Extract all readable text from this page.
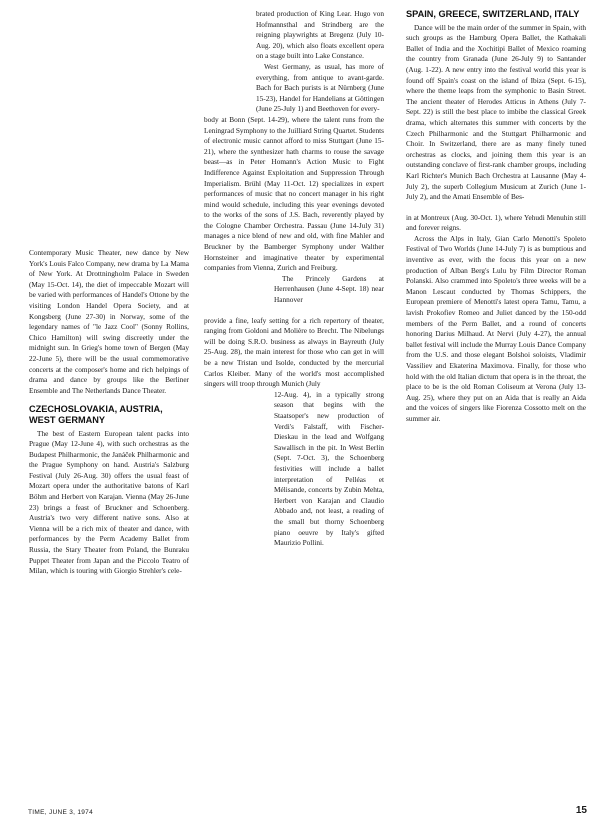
Contemporary Music Theater, new dance by New York's Louis Falco Company, new drama by La Mama of New York. At Drottningholm Palace in Sweden (May 15-Oct. 14), the diet of impeccable Mozart will be varied with performances of Handel's Ottone by the visiting London Handel Opera Society, and at Kongsberg (June 27-30) in Norway, some of the legendary names of "le Jazz Cool" (Sonny Rollins, Chico Hamilton) will swing discreetly under the midnight sun. In Grieg's home town of Bergen (May 22-June 5), there will be the usual commemorative concerts at the composer's home and rich helpings of drama and dance by groups like the Berliner Ensemble and The Netherlands Dance Theater.

CZECHOSLOVAKIA, AUSTRIA, WEST GERMANY

The best of Eastern European talent packs into Prague (May 12-June 4), with such orchestras as the Budapest Philharmonic, the Janáček Philharmonic and the Prague Symphony on hand. Austria's Salzburg Festival (July 26-Aug. 30) offers the usual feast of Mozart opera under the authoritative batons of Karl Böhm and Herbert von Karajan. Vienna (May 26-June 23) brings a feast of Bruckner and Schoenberg. Austria's two very different native sons. Also at Vienna will be a rich mix of theater and dance, with performances by the Perm Academy Ballet from Russia, the Stary Theater from Poland, the Bunraku Puppet Theater from Japan and the Piccolo Teatro of Milan, which is touring with Giorgio Strehler's cele-

brated production of King Lear. Hugo von Hofmannsthal and Strindberg are the reigning playwrights at Bregenz (July 10-Aug. 20), which also floats excellent opera on a stage built into Lake Constance.

West Germany, as usual, has more of everything, from antique to avant-garde. Bach for Bach purists is at Nürnberg (June 15-23), Handel for Handelians at Göttingen (June 25-July 1) and Beethoven for every-

body at Bonn (Sept. 14-29), where the talent runs from the Leningrad Symphony to the Juilliard String Quartet. Students of electronic music cannot afford to miss Stuttgart (June 15-21), where the synthesizer hath charms to rouse the savage beast—as in Peter Homann's Action Music to Fight Indifference Against Exploitation and Suppression Through Imperialism. Brühl (May 11-Oct. 12) specializes in expert performances of music that no concert manager in his right mind would schedule, including this year evenings devoted to the works of the sons of J.S. Bach, reverently played by the Cologne Chamber Orchestra. Passau (June 14-July 31) manages a nice blend of new and old, with fine Mahler and Bruckner by the Bamberger Symphony under Walther Hornsteiner and imaginative theater by experimental companies from Vienna, Zurich and Freiburg.

The Princely Gardens at Herrenhausen (June 4-Sept. 18) near Hannover

provide a fine, leafy setting for a rich repertory of theater, ranging from Goldoni and Molière to Brecht. The Nibelungs will be doing S.R.O. business as always in Bayreuth (July 25-Aug. 28), the main interest for those who can get in will be a new Tristan und Isolde, conducted by the mercurial Carlos Kleiber. Many of the world's most accomplished singers will troop through Munich (July

12-Aug. 4), in a typically strong season that begins with the Staatsoper's new production of Verdi's Falstaff, with Fischer-Dieskau in the lead and Wolfgang Sawallisch in the pit. In West Berlin (Sept. 7-Oct. 3), the Schoenberg festivities will include a ballet interpretation of Pelléas et Mélisande, concerts by Zubin Mehta, Herbert von Karajan and Claudio Abbado and, not least, a reading of the small but thorny Schoenberg piano oeuvre by Italy's gifted Maurizio Pollini.

SPAIN, GREECE, SWITZERLAND, ITALY

Dance will be the main order of the summer in Spain, with such groups as the Hamburg Opera Ballet, the Kathakali Ballet of India and the Xochitipi Ballet of Mexico roaming the country from Granada (June 26-July 9) to Santander (Aug. 1-22). A new entry into the festival world this year is found off Spain's coast on the island of Ibiza (Sept. 6-15), where the theme leaps from the symphonic to Basin Street. The ancient theater of Herodes Atticus in Athens (July 7-Sept. 22) is still the best place to imbibe the classical Greek drama, which alternates this summer with concerts by the Czech Philharmonic and the Stuttgart Philharmonic and Choir. In Switzerland, there are as many finely tuned orchestras as clocks, and joining them this year is an outstanding conclave of first-rank chamber groups, including Karl Richter's Munich Bach Orchestra at Lausanne (May 4-July 2), the superb Collegium Musicum at Zurich (June 1-July 2), and the Amati Ensemble of Bes-

in at Montreux (Aug. 30-Oct. 1), where Yehudi Menuhin still and forever reigns.

Across the Alps in Italy, Gian Carlo Menotti's Spoleto Festival of Two Worlds (June 14-July 7) is as bumptious and inventive as ever, with the focus this year on a new production of Alban Berg's Lulu by Film Director Roman Polanski. Also crammed into Spoleto's three weeks will be a Manon Lescaut conducted by Thomas Schippers, the European premiere of Menotti's latest opera Tamu, Tamu, a lavish Prokofiev Romeo and Juliet danced by the 150-odd members of the Perm Ballet, and a round of concerts honoring Darius Milhaud. At Nervi (July 4-27), the annual ballet festival will include the Murray Louis Dance Company from the U.S. and those elegant Bolshoi soloists, Vladimir Vassiliev and Ekaterina Maximova. Finally, for those who hold with the old Italian dictum that opera is in the throat, the place to be is the old Roman Coliseum at Verona (July 13-Aug. 25), where they put on an Aida that is really an Aida and the voices of singers like Fiorenza Cossotto melt on the summer air.

TIME, JUNE 3, 1974	15
